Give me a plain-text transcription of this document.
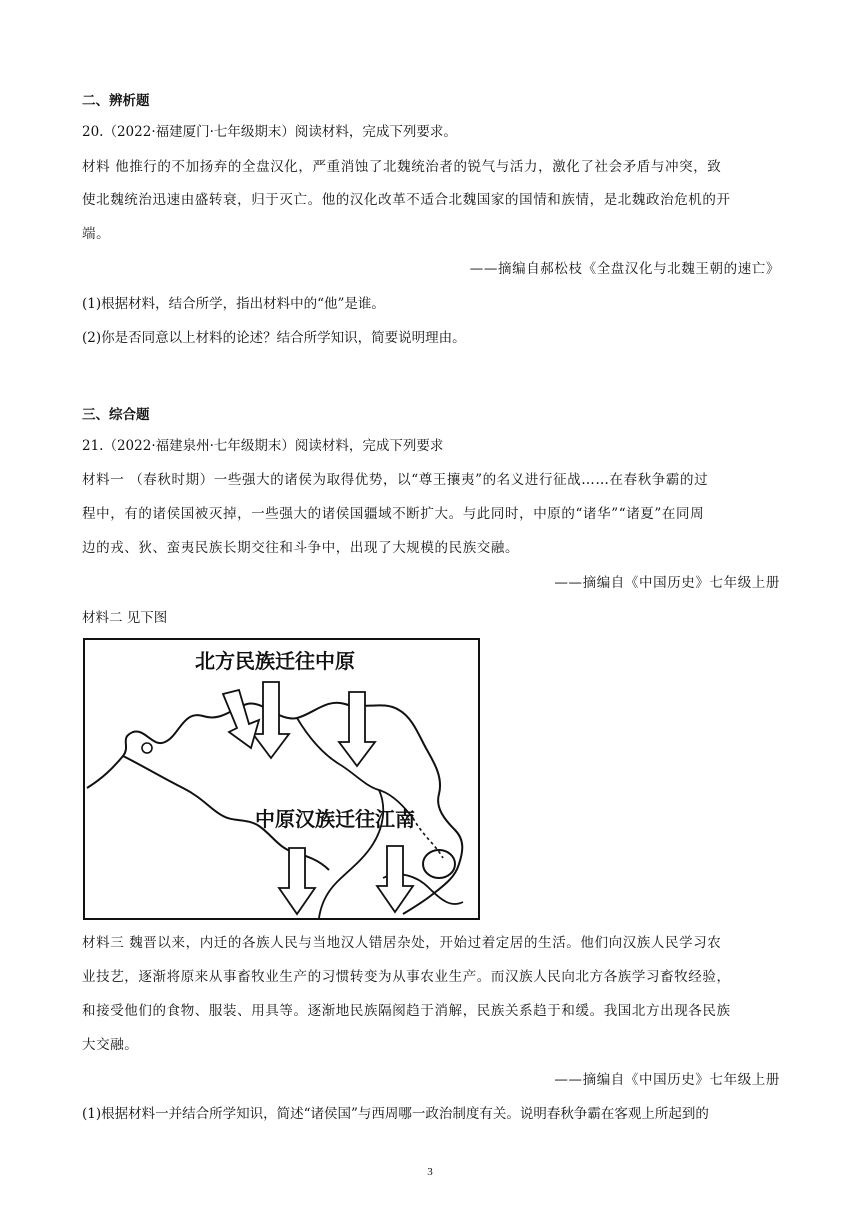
二、辨析题
20.（2022·福建厦门·七年级期末）阅读材料，完成下列要求。
材料 他推行的不加扬弃的全盘汉化，严重消蚀了北魏统治者的锐气与活力，激化了社会矛盾与冲突，致
使北魏统治迅速由盛转衰，归于灭亡。他的汉化改革不适合北魏国家的国情和族情，是北魏政治危机的开
端。
——摘编自郝松枝《全盘汉化与北魏王朝的速亡》
(1)根据材料，结合所学，指出材料中的“他”是谁。
(2)你是否同意以上材料的论述？结合所学知识，简要说明理由。
三、综合题
21.（2022·福建泉州·七年级期末）阅读材料，完成下列要求
材料一 （春秋时期）一些强大的诸侯为取得优势，以“尊王攘夷”的名义进行征战……在春秋争霸的过
程中，有的诸侯国被灭掉，一些强大的诸侯国疆域不断扩大。与此同时，中原的“诸华”“诸夏”在同周
边的戎、狄、蛮夷民族长期交往和斗争中，出现了大规模的民族交融。
——摘编自《中国历史》七年级上册
材料二 见下图
北方民族迁往中原
中原汉族迁往江南
材料三 魏晋以来，内迁的各族人民与当地汉人错居杂处，开始过着定居的生活。他们向汉族人民学习农
业技艺，逐渐将原来从事畜牧业生产的习惯转变为从事农业生产。而汉族人民向北方各族学习畜牧经验，
和接受他们的食物、服装、用具等。逐渐地民族隔阂趋于消解，民族关系趋于和缓。我国北方出现各民族
大交融。
——摘编自《中国历史》七年级上册
(1)根据材料一并结合所学知识，简述“诸侯国”与西周哪一政治制度有关。说明春秋争霸在客观上所起到的
3
